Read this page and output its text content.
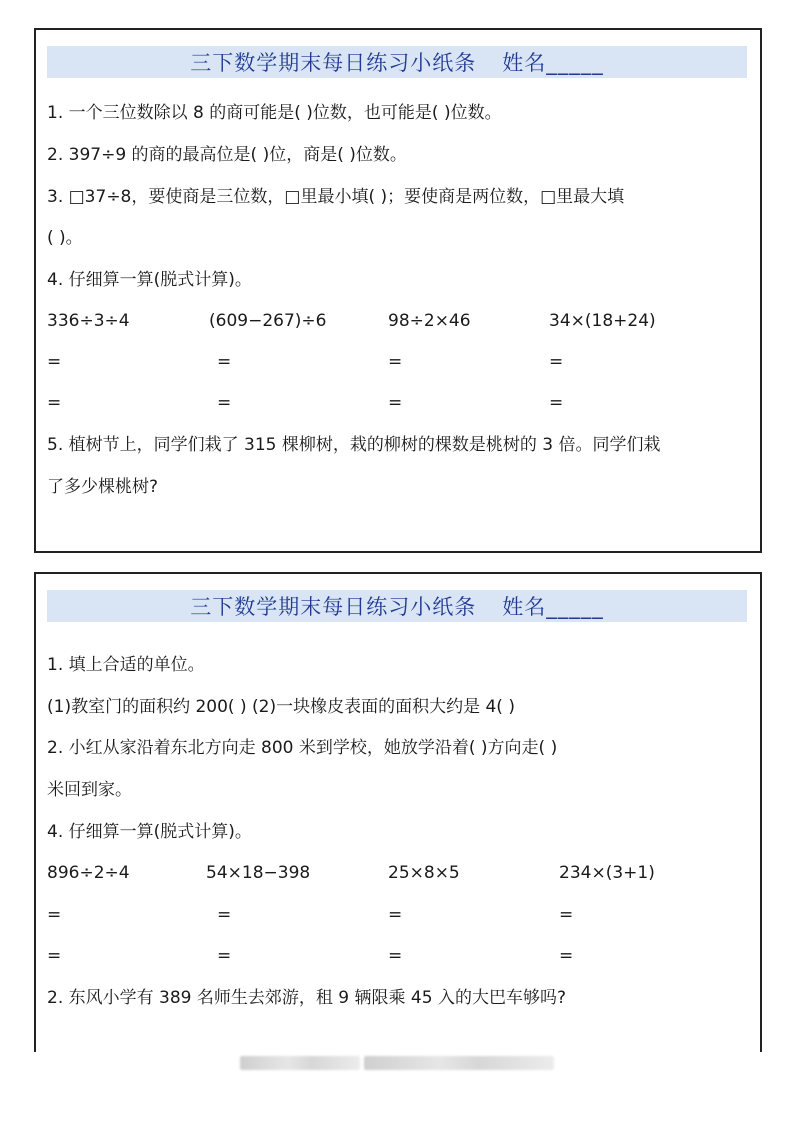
三下数学期末每日练习小纸条 姓名_____
1. 一个三位数除以 8 的商可能是( )位数，也可能是( )位数。
2. 397÷9 的商的最高位是( )位，商是( )位数。
3. □37÷8，要使商是三位数，□里最小填( )；要使商是两位数，□里最大填
( )。
4. 仔细算一算(脱式计算)。
336÷3÷4	(609−267)÷6	98÷2×46	34×(18+24)
=	=	=	=
=	=	=	=
5. 植树节上，同学们栽了 315 棵柳树，栽的柳树的棵数是桃树的 3 倍。同学们栽
了多少棵桃树?
三下数学期末每日练习小纸条 姓名_____
1. 填上合适的单位。
(1)教室门的面积约 200( ) (2)一块橡皮表面的面积大约是 4( )
2. 小红从家沿着东北方向走 800 米到学校，她放学沿着( )方向走( )
米回到家。
4. 仔细算一算(脱式计算)。
896÷2÷4	54×18−398	25×8×5	234×(3+1)
=	=	=	=
=	=	=	=
2. 东风小学有 389 名师生去郊游，租 9 辆限乘 45 入的大巴车够吗?
